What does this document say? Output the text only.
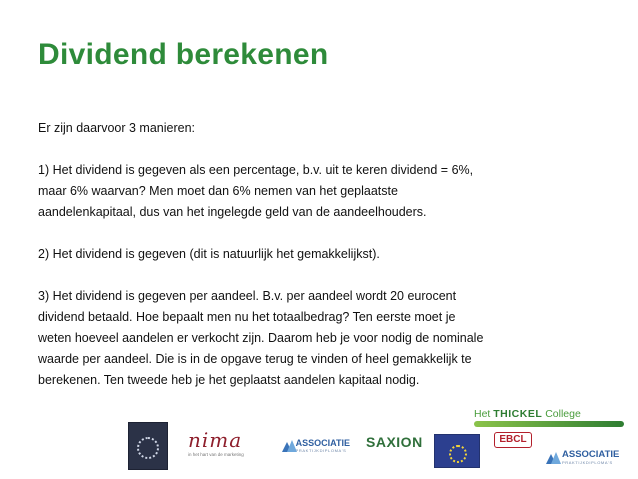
Dividend berekenen

Er zijn daarvoor 3 manieren:

1) Het dividend is gegeven als een percentage, b.v. uit te keren dividend = 6%,

maar 6% waarvan? Men moet dan 6% nemen van het geplaatste

aandelenkapitaal, dus van het ingelegde geld van de aandeelhouders.

2) Het dividend is gegeven (dit is natuurlijk het gemakkelijkst).

3) Het dividend is gegeven per aandeel. B.v. per aandeel wordt 20 eurocent

dividend betaald. Hoe bepaalt men nu het totaalbedrag? Ten eerste moet je

weten hoeveel aandelen er verkocht zijn. Daarom heb je voor nodig de nominale

waarde per aandeel. Die is in de opgave terug te vinden of heel gemakkelijk te

berekenen. Ten tweede heb je het geplaatst aandelen kapitaal nodig.

Het THICKEL College
nima
in het hart van de marketing
ASSOCIATIE
PRAKTIJKDIPLOMA'S
SAXION	EBCL
ASSOCIATIE
PRAKTIJKDIPLOMA'S
